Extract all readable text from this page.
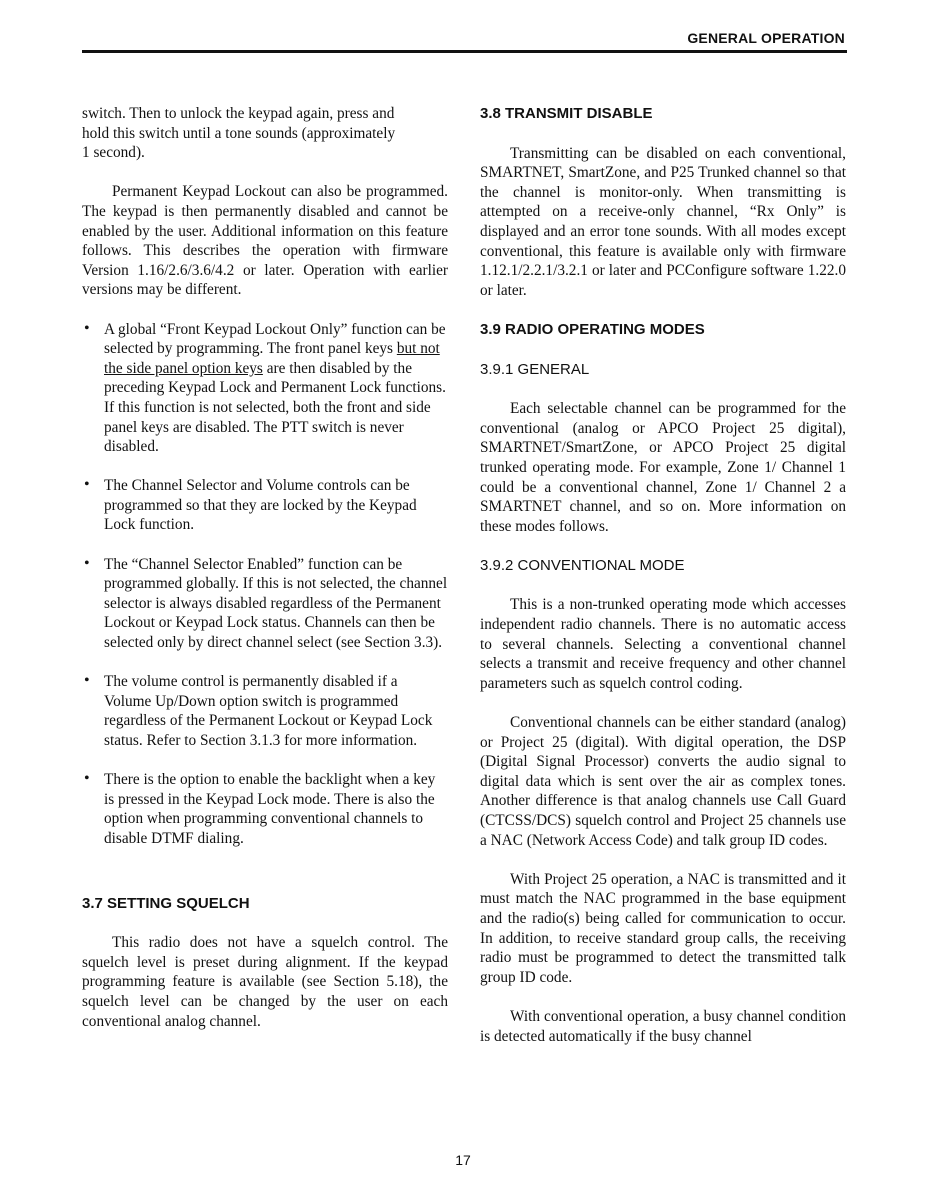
GENERAL OPERATION

switch. Then to unlock the keypad again, press and
hold this switch until a tone sounds (approximately
1 second).

Permanent Keypad Lockout can also be programmed. The keypad is then permanently disabled and cannot be enabled by the user. Additional information on this feature follows. This describes the operation with firmware Version 1.16/2.6/3.6/4.2 or later. Operation with earlier versions may be different.

• A global “Front Keypad Lockout Only” function can be selected by programming. The front panel keys but not the side panel option keys are then disabled by the preceding Keypad Lock and Permanent Lock functions. If this function is not selected, both the front and side panel keys are disabled. The PTT switch is never disabled.
• The Channel Selector and Volume controls can be programmed so that they are locked by the Keypad Lock function.
• The “Channel Selector Enabled” function can be programmed globally. If this is not selected, the channel selector is always disabled regardless of the Permanent Lockout or Keypad Lock status. Channels can then be selected only by direct channel select (see Section 3.3).
• The volume control is permanently disabled if a Volume Up/Down option switch is programmed regardless of the Permanent Lockout or Keypad Lock status. Refer to Section 3.1.3 for more information.
• There is the option to enable the backlight when a key is pressed in the Keypad Lock mode. There is also the option when programming conventional channels to disable DTMF dialing.
3.7 SETTING SQUELCH

This radio does not have a squelch control. The squelch level is preset during alignment. If the keypad programming feature is available (see Section 5.18), the squelch level can be changed by the user on each conventional analog channel.

3.8 TRANSMIT DISABLE

Transmitting can be disabled on each conventional, SMARTNET, SmartZone, and P25 Trunked channel so that the channel is monitor-only. When transmitting is attempted on a receive-only channel, “Rx Only” is displayed and an error tone sounds. With all modes except conventional, this feature is available only with firmware 1.12.1/2.2.1/3.2.1 or later and PCConfigure software 1.22.0 or later.

3.9 RADIO OPERATING MODES
3.9.1 GENERAL

Each selectable channel can be programmed for the conventional (analog or APCO Project 25 digital), SMARTNET/SmartZone, or APCO Project 25 digital trunked operating mode. For example, Zone 1/ Channel 1 could be a conventional channel, Zone 1/ Channel 2 a SMARTNET channel, and so on. More information on these modes follows.

3.9.2 CONVENTIONAL MODE

This is a non-trunked operating mode which accesses independent radio channels. There is no automatic access to several channels. Selecting a conventional channel selects a transmit and receive frequency and other channel parameters such as squelch control coding.

Conventional channels can be either standard (analog) or Project 25 (digital). With digital operation, the DSP (Digital Signal Processor) converts the audio signal to digital data which is sent over the air as complex tones. Another difference is that analog channels use Call Guard (CTCSS/DCS) squelch control and Project 25 channels use a NAC (Network Access Code) and talk group ID codes.

With Project 25 operation, a NAC is transmitted and it must match the NAC programmed in the base equipment and the radio(s) being called for communication to occur. In addition, to receive standard group calls, the receiving radio must be programmed to detect the transmitted talk group ID code.

With conventional operation, a busy channel condition is detected automatically if the busy channel

17
